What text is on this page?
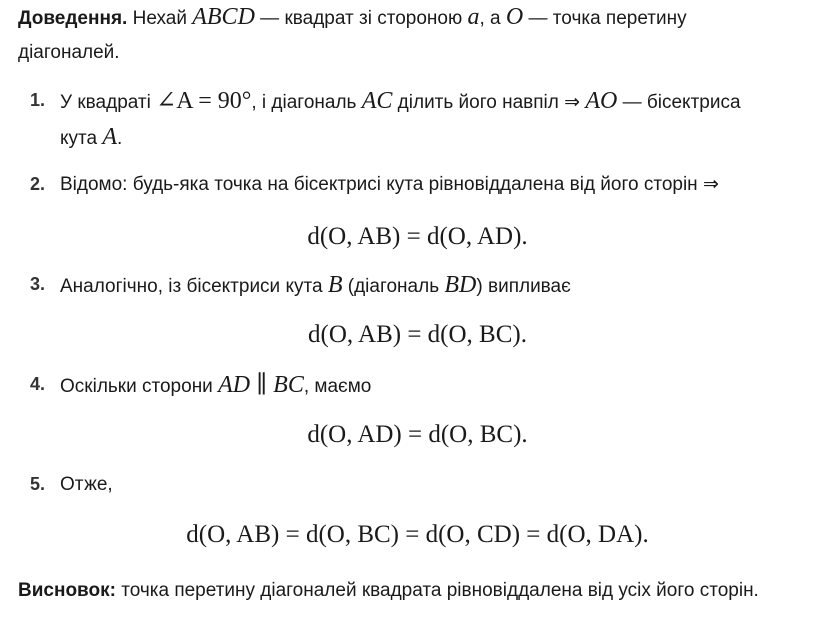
Доведення. Нехай ABCD — квадрат зі стороною a, а O — точка перетину
діагоналей.
1. У квадраті ∠A = 90°, і діагональ AC ділить його навпіл ⇒ AO — бісектриса
кута A.
2. Відомо: будь-яка точка на бісектрисі кута рівновіддалена від його сторін ⇒
d(O, AB) = d(O, AD).
3. Аналогічно, із бісектриси кута B (діагональ BD) випливає
d(O, AB) = d(O, BC).
4. Оскільки сторони AD ∥ BC, маємо
d(O, AD) = d(O, BC).
5. Отже,
d(O, AB) = d(O, BC) = d(O, CD) = d(O, DA).
Висновок: точка перетину діагоналей квадрата рівновіддалена від усіх його сторін.
